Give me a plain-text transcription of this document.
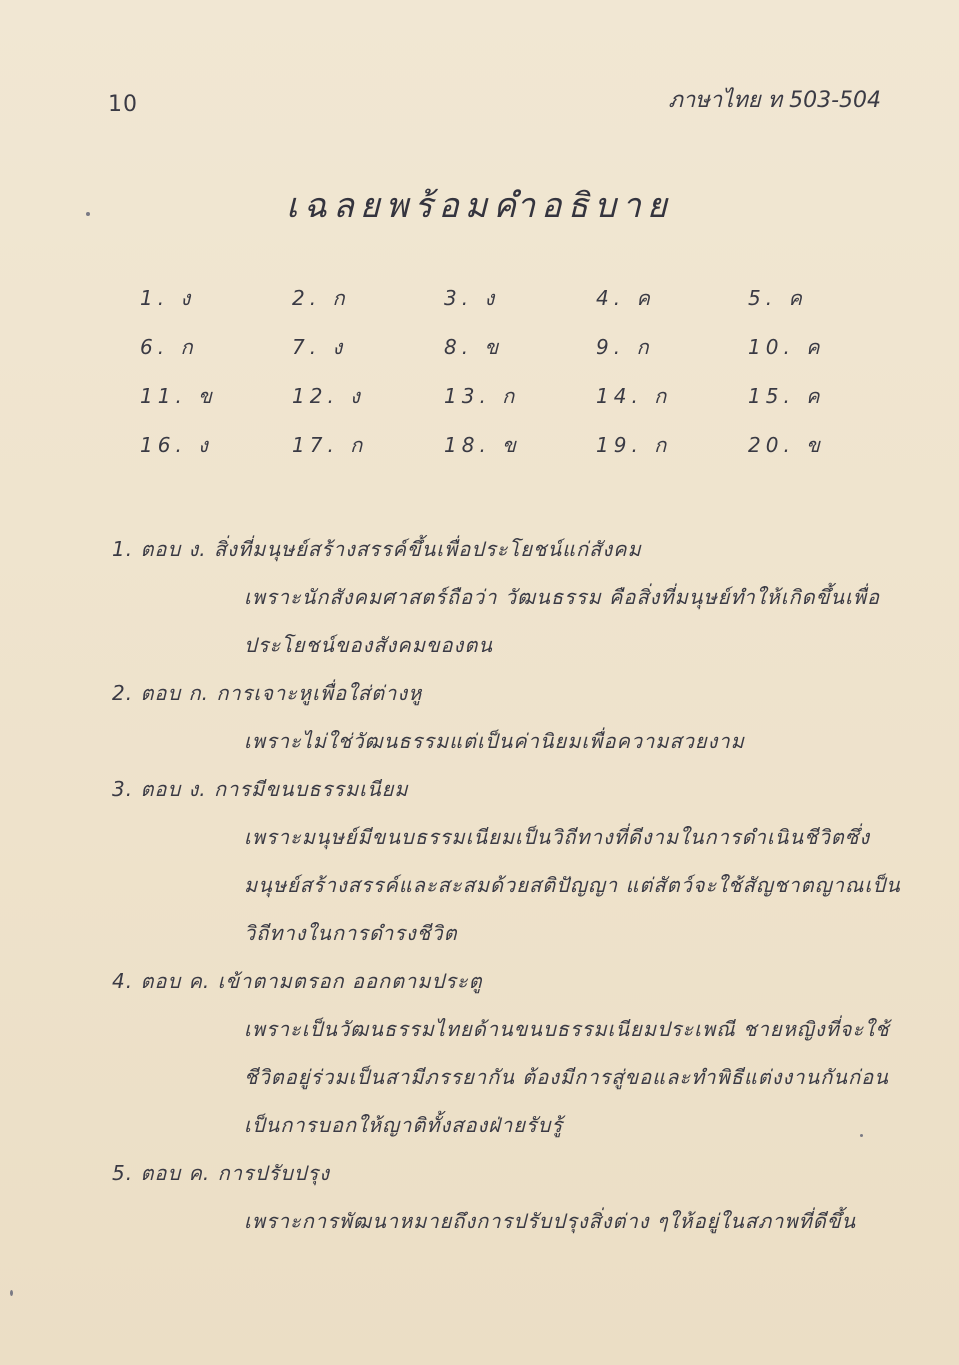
10	ภาษาไทย ท 503-504
เฉลยพร้อมคำอธิบาย
1. ง	2. ก	3. ง	4. ค	5. ค
6. ก	7. ง	8. ข	9. ก	10. ค
11. ข	12. ง	13. ก	14. ก	15. ค
16. ง	17. ก	18. ข	19. ก	20. ข
1. ตอบ ง. สิ่งที่มนุษย์สร้างสรรค์ขึ้นเพื่อประโยชน์แก่สังคม
เพราะนักสังคมศาสตร์ถือว่า วัฒนธรรม คือสิ่งที่มนุษย์ทำให้เกิดขึ้นเพื่อ
ประโยชน์ของสังคมของตน
2. ตอบ ก. การเจาะหูเพื่อใส่ต่างหู
เพราะไม่ใช่วัฒนธรรมแต่เป็นค่านิยมเพื่อความสวยงาม
3. ตอบ ง. การมีขนบธรรมเนียม
เพราะมนุษย์มีขนบธรรมเนียมเป็นวิถีทางที่ดีงามในการดำเนินชีวิตซึ่ง
มนุษย์สร้างสรรค์และสะสมด้วยสติปัญญา แต่สัตว์จะใช้สัญชาตญาณเป็น
วิถีทางในการดำรงชีวิต
4. ตอบ ค. เข้าตามตรอก ออกตามประตู
เพราะเป็นวัฒนธรรมไทยด้านขนบธรรมเนียมประเพณี ชายหญิงที่จะใช้
ชีวิตอยู่ร่วมเป็นสามีภรรยากัน ต้องมีการสู่ขอและทำพิธีแต่งงานกันก่อน
เป็นการบอกให้ญาติทั้งสองฝ่ายรับรู้
5. ตอบ ค. การปรับปรุง
เพราะการพัฒนาหมายถึงการปรับปรุงสิ่งต่าง ๆให้อยู่ในสภาพที่ดีขึ้น
